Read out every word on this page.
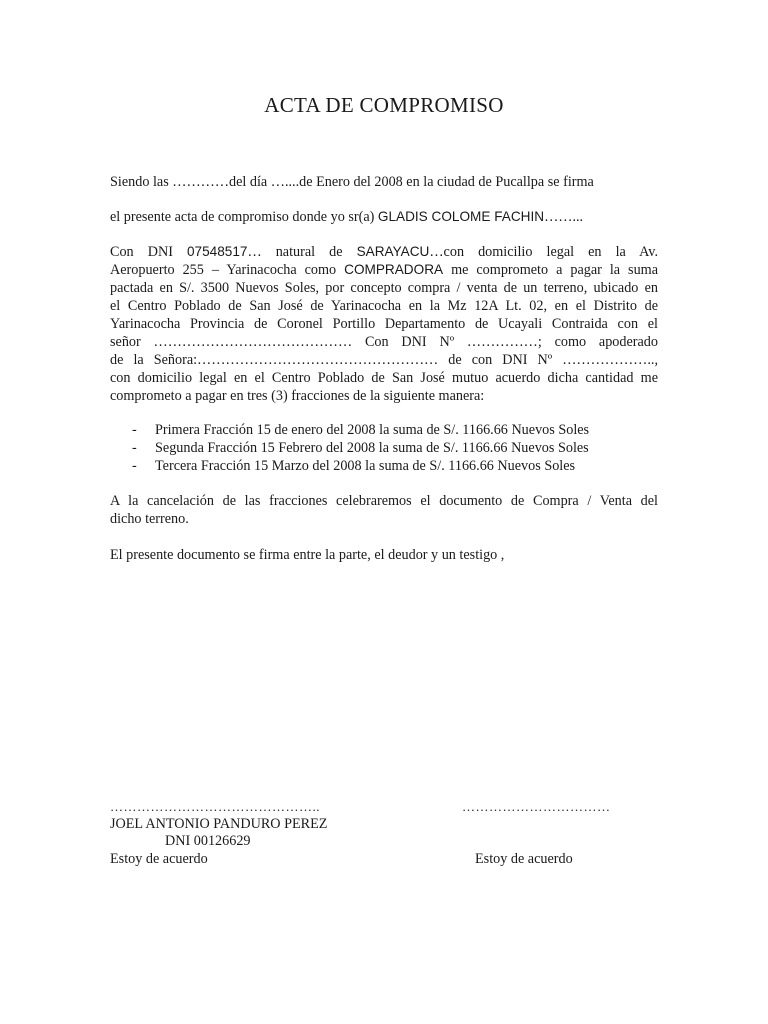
ACTA DE COMPROMISO

Siendo las …………del día …....de Enero del 2008 en la ciudad de Pucallpa se firma

el presente acta de compromiso donde yo sr(a) GLADIS COLOME FACHIN……...

Con DNI 07548517… natural de SARAYACU…con domicilio legal en la Av.
Aeropuerto 255 – Yarinacocha como COMPRADORA me comprometo a pagar la suma
pactada en S/. 3500 Nuevos Soles, por concepto compra / venta de un terreno, ubicado en
el Centro Poblado de San José de Yarinacocha en la Mz 12A Lt. 02, en el Distrito de
Yarinacocha Provincia de Coronel Portillo Departamento de Ucayali Contraida con el
señor …………………………………… Con DNI Nº ……………; como apoderado
de la Señora:…………………………………………… de con DNI Nº ………………..,
con domicilio legal en el Centro Poblado de San José mutuo acuerdo dicha cantidad me
comprometo a pagar en tres (3) fracciones de la siguiente manera:
-	Primera Fracción 15 de enero del 2008 la suma de S/. 1166.66 Nuevos Soles
-	Segunda Fracción 15 Febrero del 2008 la suma de S/. 1166.66 Nuevos Soles
-	Tercera Fracción 15 Marzo del 2008 la suma de S/. 1166.66 Nuevos Soles
A la cancelación de las fracciones celebraremos el documento de Compra / Venta del
dicho terreno.

El presente documento se firma entre la parte, el deudor y un testigo ,

………………………………………..	……………………………
JOEL ANTONIO PANDURO PEREZ
DNI 00126629
Estoy de acuerdo	Estoy de acuerdo
